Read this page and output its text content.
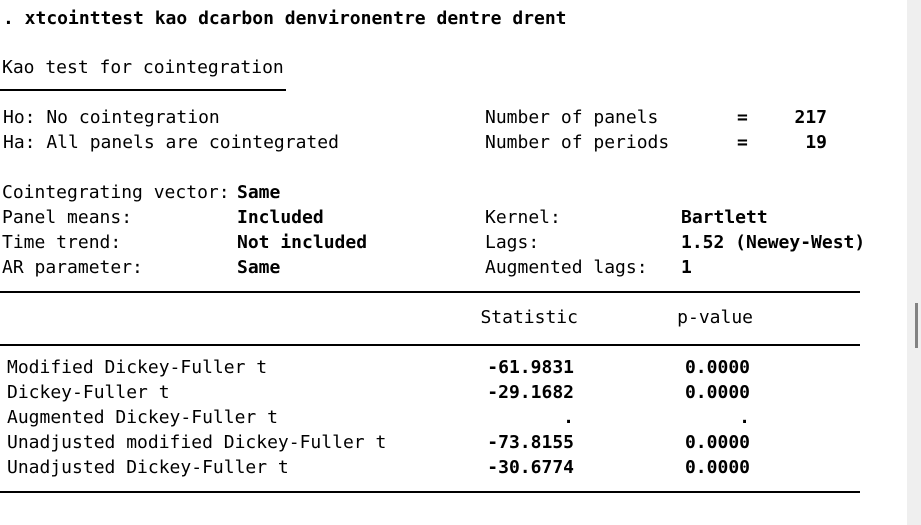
. xtcointtest kao dcarbon denvironentre dentre drent
Kao test for cointegration
Ho: No cointegration	Number of panels	=	217
Ha: All panels are cointegrated	Number of periods	=	19
Cointegrating vector: Same
Panel means:	Included	Kernel:	Bartlett
Time trend:	Not included	Lags:	1.52 (Newey-West)
AR parameter:	Same	Augmented lags: 1
Statistic	p-value
Modified Dickey-Fuller t	-61.9831	0.0000
Dickey-Fuller t	-29.1682	0.0000
Augmented Dickey-Fuller t	.	.
Unadjusted modified Dickey-Fuller t	-73.8155	0.0000
Unadjusted Dickey-Fuller t	-30.6774	0.0000
